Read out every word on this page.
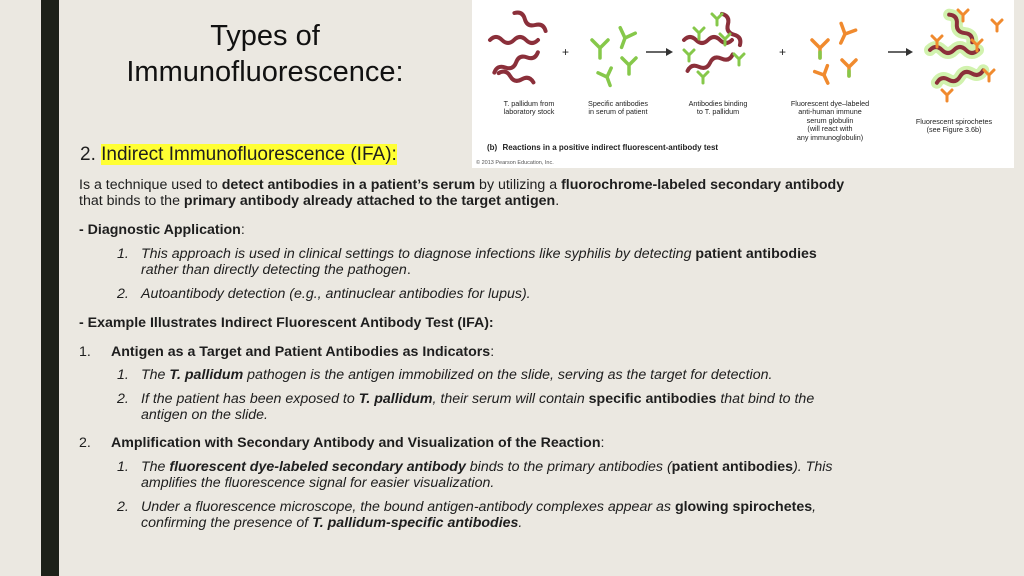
Types of
Immunofluorescence:
+	+
(b) Reactions in a positive indirect fluorescent-antibody test
© 2013 Pearson Education, Inc.
T. pallidum from
laboratory stock
Specific antibodies
in serum of patient
Antibodies binding
to T. pallidum
Fluorescent dye–labeled
anti-human immune
serum globulin
(will react with
any immunoglobulin)
Fluorescent spirochetes
(see Figure 3.6b)
2. Indirect Immunofluorescence (IFA):
Is a technique used to detect antibodies in a patient’s serum by utilizing a fluorochrome-labeled secondary antibody
that binds to the primary antibody already attached to the target antigen.
- Diagnostic Application:
1. This approach is used in clinical settings to diagnose infections like syphilis by detecting patient antibodies
rather than directly detecting the pathogen.
2. Autoantibody detection (e.g., antinuclear antibodies for lupus).
- Example Illustrates Indirect Fluorescent Antibody Test (IFA):
1. Antigen as a Target and Patient Antibodies as Indicators:
1. The T. pallidum pathogen is the antigen immobilized on the slide, serving as the target for detection.
2. If the patient has been exposed to T. pallidum, their serum will contain specific antibodies that bind to the
antigen on the slide.
2. Amplification with Secondary Antibody and Visualization of the Reaction:
1. The fluorescent dye-labeled secondary antibody binds to the primary antibodies (patient antibodies). This
amplifies the fluorescence signal for easier visualization.
2. Under a fluorescence microscope, the bound antigen-antibody complexes appear as glowing spirochetes,
confirming the presence of T. pallidum-specific antibodies.
